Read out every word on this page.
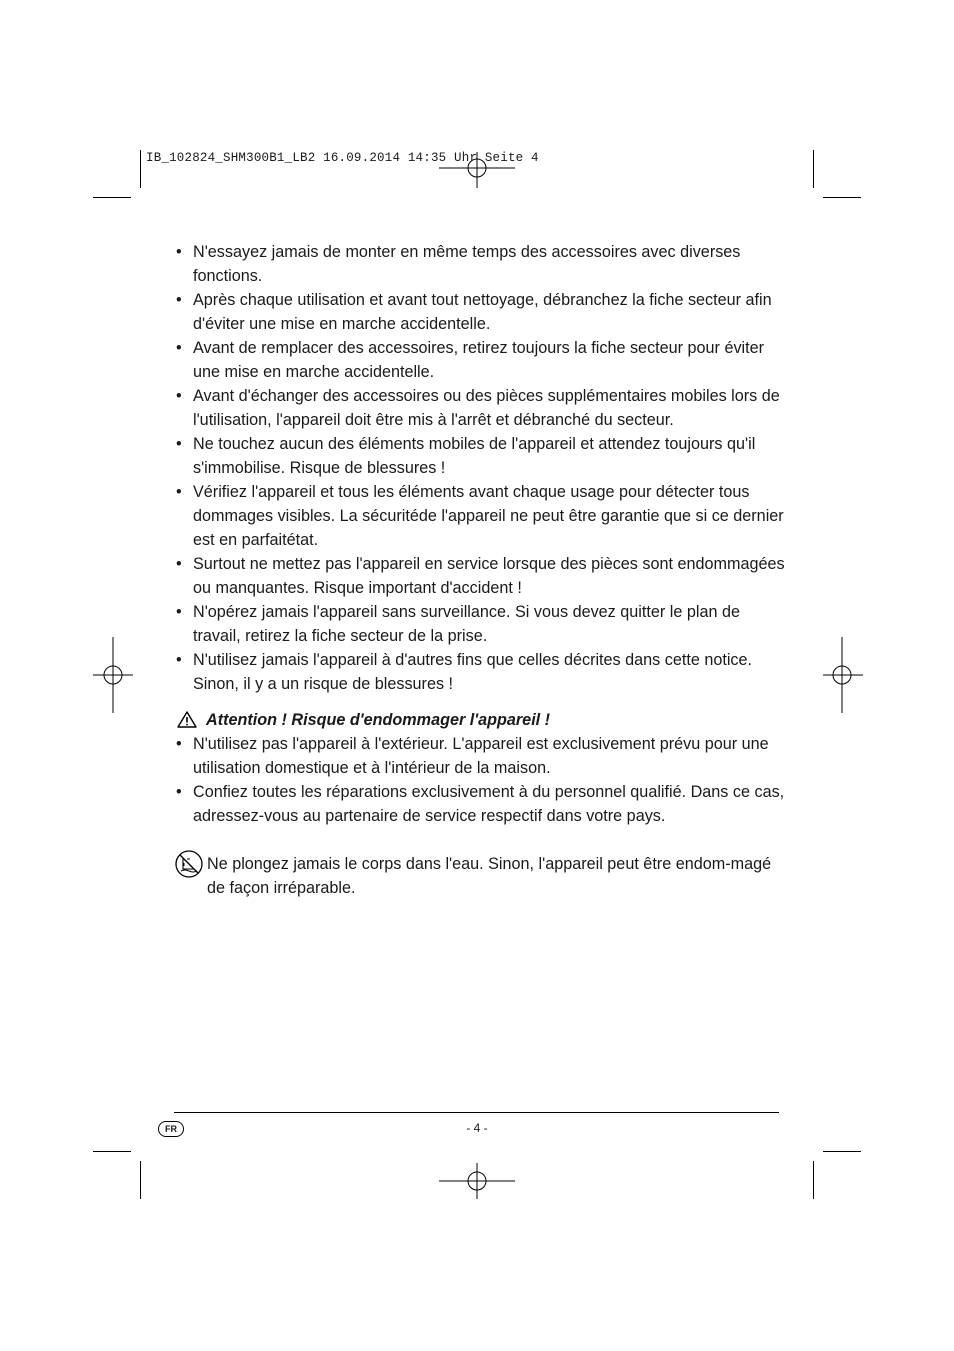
IB_102824_SHM300B1_LB2 16.09.2014 14:35 Uhr Seite 4
• N'essayez jamais de monter en même temps des accessoires avec diverses fonctions.
• Après chaque utilisation et avant tout nettoyage, débranchez la fiche secteur afin d'éviter une mise en marche accidentelle.
• Avant de remplacer des accessoires, retirez toujours la fiche secteur pour éviter une mise en marche accidentelle.
• Avant d'échanger des accessoires ou des pièces supplémentaires mobiles lors de l'utilisation, l'appareil doit être mis à l'arrêt et débranché du secteur.
• Ne touchez aucun des éléments mobiles de l'appareil et attendez toujours qu'il s'immobilise. Risque de blessures !
• Vérifiez l'appareil et tous les éléments avant chaque usage pour détecter tous dommages visibles. La sécuritéde l'appareil ne peut être garantie que si ce dernier est en parfaitétat.
• Surtout ne mettez pas l'appareil en service lorsque des pièces sont endommagées ou manquantes. Risque important d'accident !
• N'opérez jamais l'appareil sans surveillance. Si vous devez quitter le plan de travail, retirez la fiche secteur de la prise.
• N'utilisez jamais l'appareil à d'autres fins que celles décrites dans cette notice. Sinon, il y a un risque de blessures !
Attention ! Risque d'endommager l'appareil !
• N'utilisez pas l'appareil à l'extérieur. L'appareil est exclusivement prévu pour une utilisation domestique et à l'intérieur de la maison.
• Confiez toutes les réparations exclusivement à du personnel qualifié. Dans ce cas, adressez-vous au partenaire de service respectif dans votre pays.
Ne plongez jamais le corps dans l'eau. Sinon, l'appareil peut être endom-magé de façon irréparable.
FR	- 4 -
